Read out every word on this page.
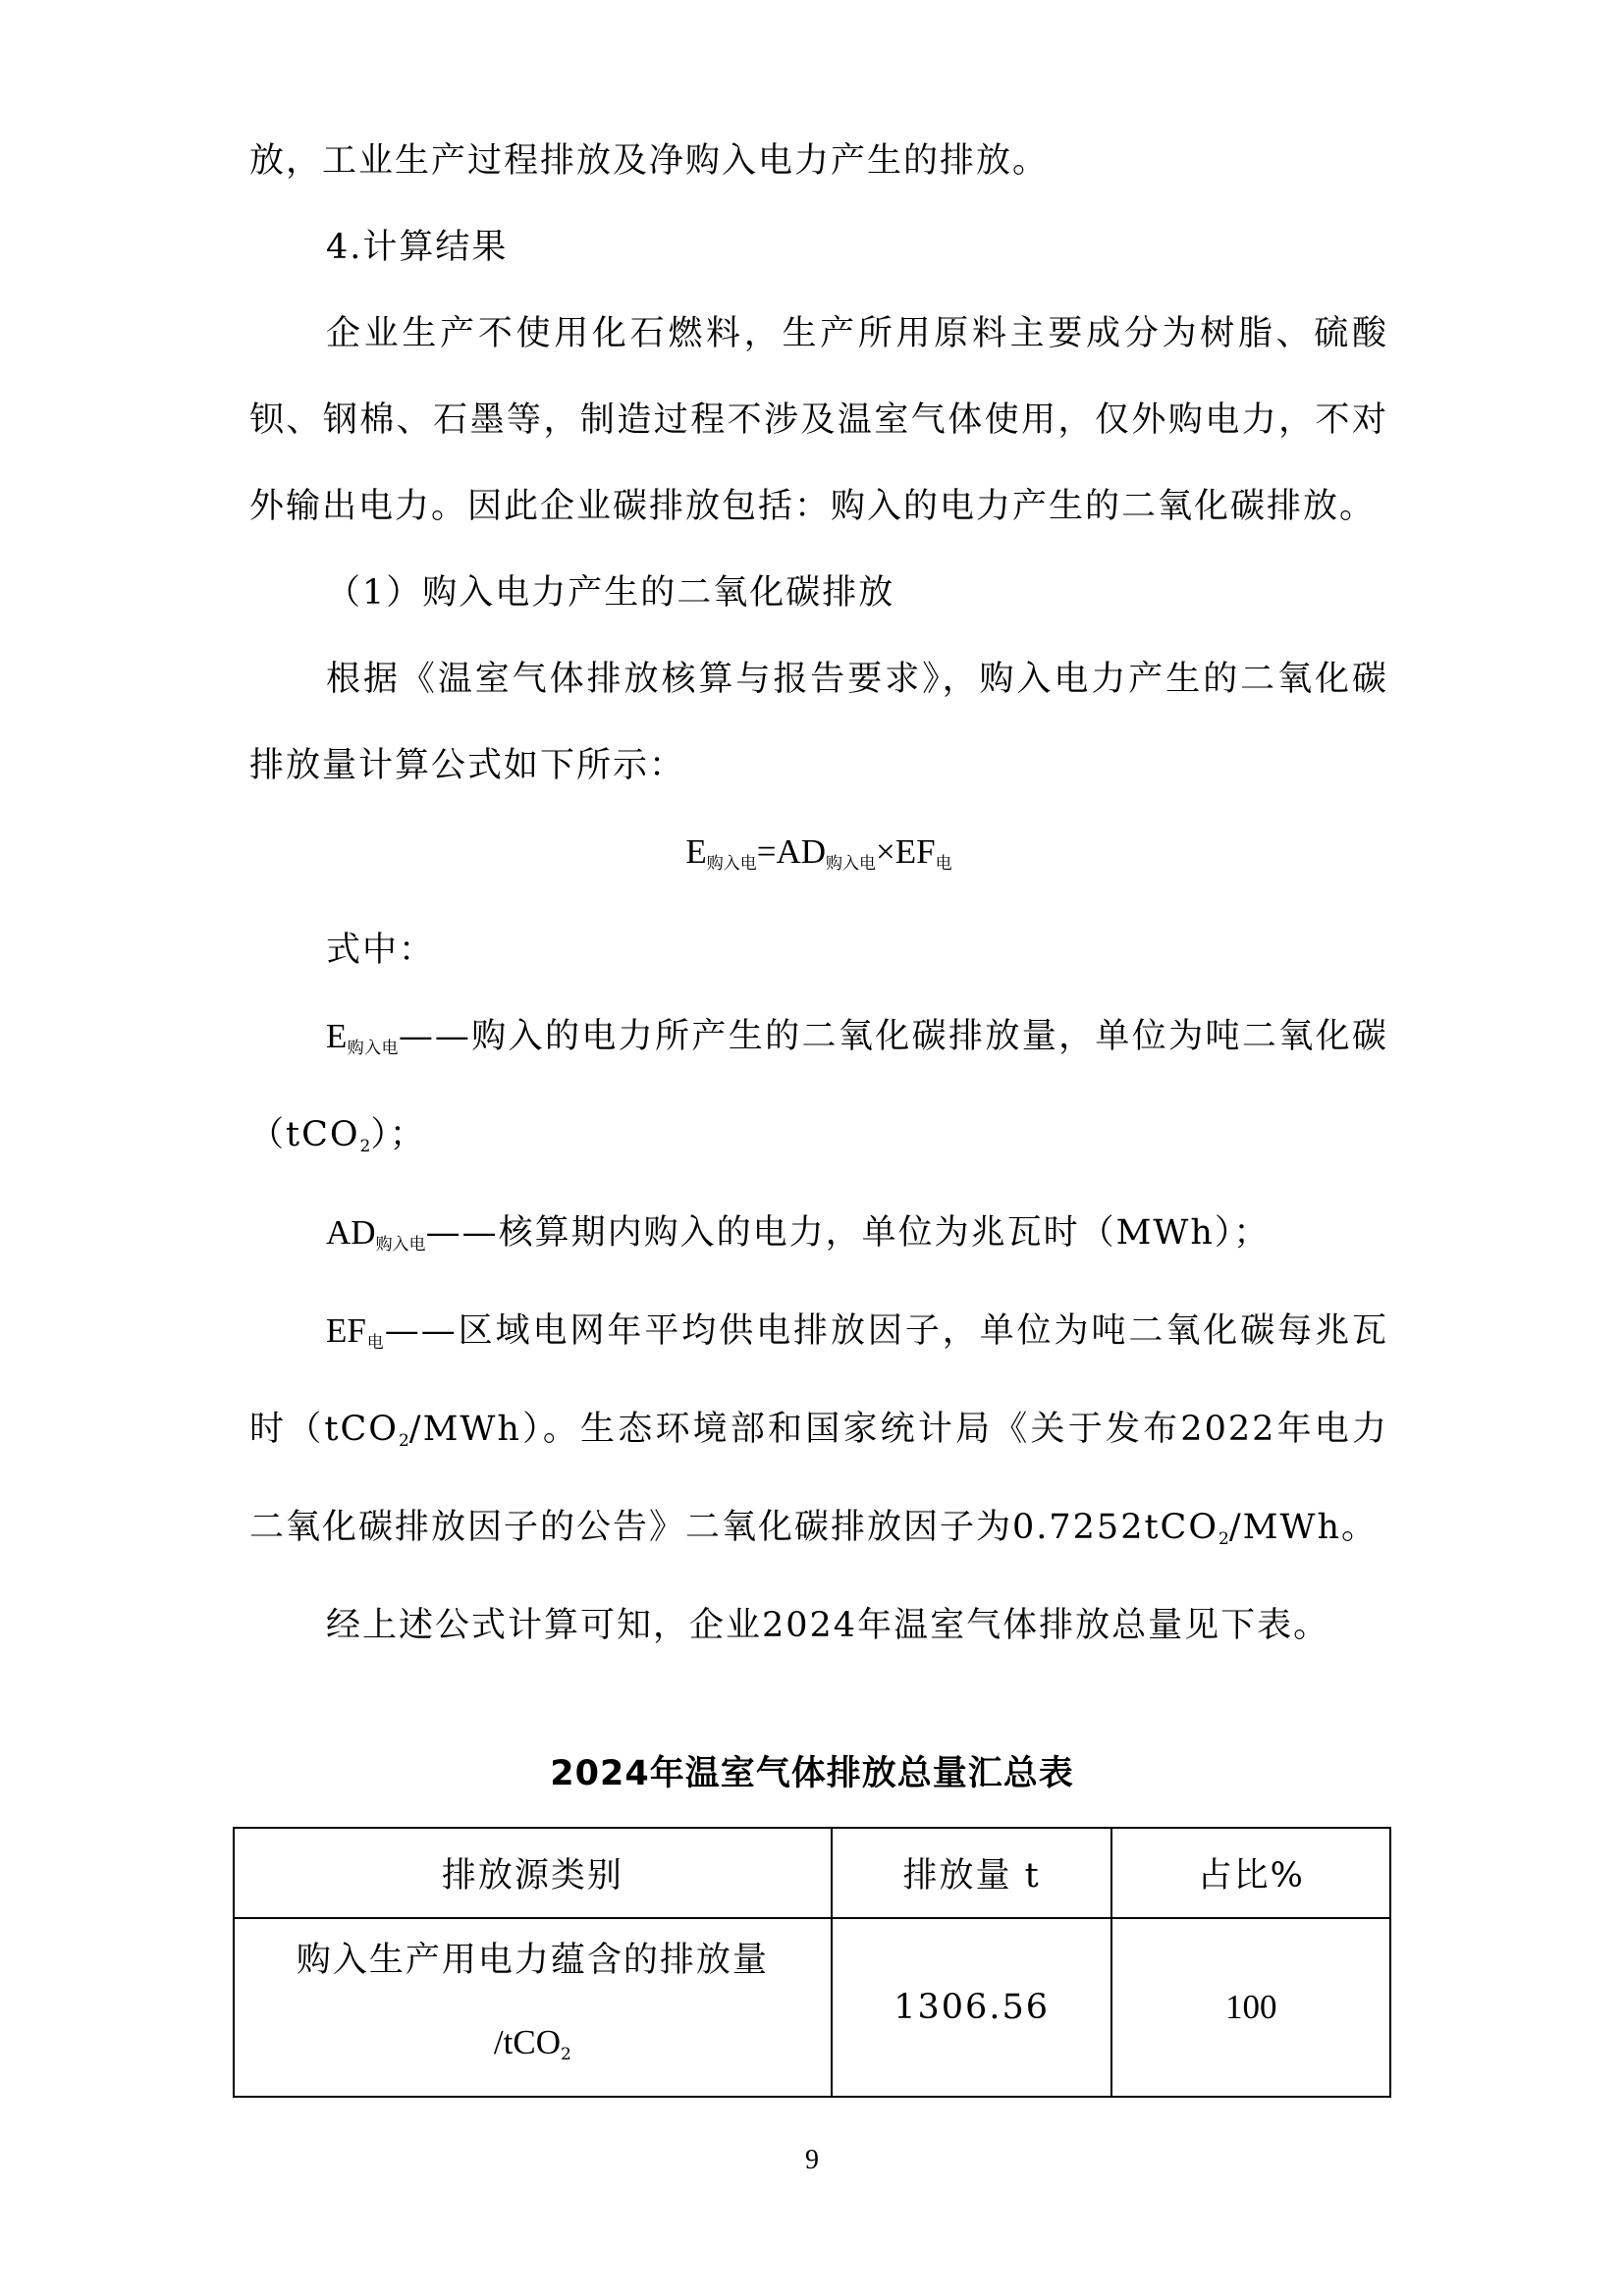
放，工业生产过程排放及净购入电力产生的排放。

4.计算结果

企业生产不使用化石燃料，生产所用原料主要成分为树脂、硫酸钡、钢棉、石墨等，制造过程不涉及温室气体使用，仅外购电力，不对外输出电力。因此企业碳排放包括：购入的电力产生的二氧化碳排放。

（1）购入电力产生的二氧化碳排放

根据《温室气体排放核算与报告要求》，购入电力产生的二氧化碳排放量计算公式如下所示：

$E_{购入电}=AD_{购入电}\times EF_电$

式中：

$E_{购入电}——$购入的电力所产生的二氧化碳排放量，单位为吨二氧化碳（tCO$_2$）；

$AD_{购入电}——$核算期内购入的电力，单位为兆瓦时（MWh）；

$EF_电——$区域电网年平均供电排放因子，单位为吨二氧化碳每兆瓦时（tCO$_2$/MWh）。生态环境部和国家统计局《关于发布2022年电力二氧化碳排放因子的公告》二氧化碳排放因子为0.7252tCO$_2$/MWh。

经上述公式计算可知，企业2024年温室气体排放总量见下表。

2024年温室气体排放总量汇总表
排放源类别	排放量 t	占比%
购入生产用电力蕴含的排放量
/tCO$_2$	1306.56	100
9
